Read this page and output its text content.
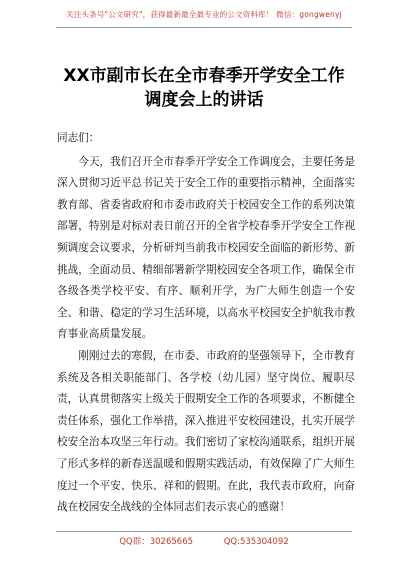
关注头条号"公文研究"，获得最新最全最专业的公文资料库！ 微信：gongwenyj
XX市副市长在全市春季开学安全工作调度会上的讲话

同志们：

今天，我们召开全市春季开学安全工作调度会，主要任务是深入贯彻习近平总书记关于安全工作的重要指示精神，全面落实教育部、省委省政府和市委市政府关于校园安全工作的系列决策部署，特别是对标对表日前召开的全省学校春季开学安全工作视频调度会议要求，分析研判当前我市校园安全面临的新形势、新挑战，全面动员、精细部署新学期校园安全各项工作，确保全市各级各类学校平安、有序、顺利开学，为广大师生创造一个安全、和谐、稳定的学习生活环境，以高水平校园安全护航我市教育事业高质量发展。

刚刚过去的寒假，在市委、市政府的坚强领导下，全市教育系统及各相关职能部门、各学校（幼儿园）坚守岗位、履职尽责，认真贯彻落实上级关于假期安全工作的各项要求，不断健全责任体系，强化工作举措，深入推进平安校园建设，扎实开展学校安全治本攻坚三年行动。我们密切了家校沟通联系，组织开展了形式多样的新春送温暖和假期实践活动，有效保障了广大师生度过一个平安、快乐、祥和的假期。在此，我代表市政府，向奋战在校园安全战线的全体同志们表示衷心的感谢！

QQ群：30265665	QQ:535304092
